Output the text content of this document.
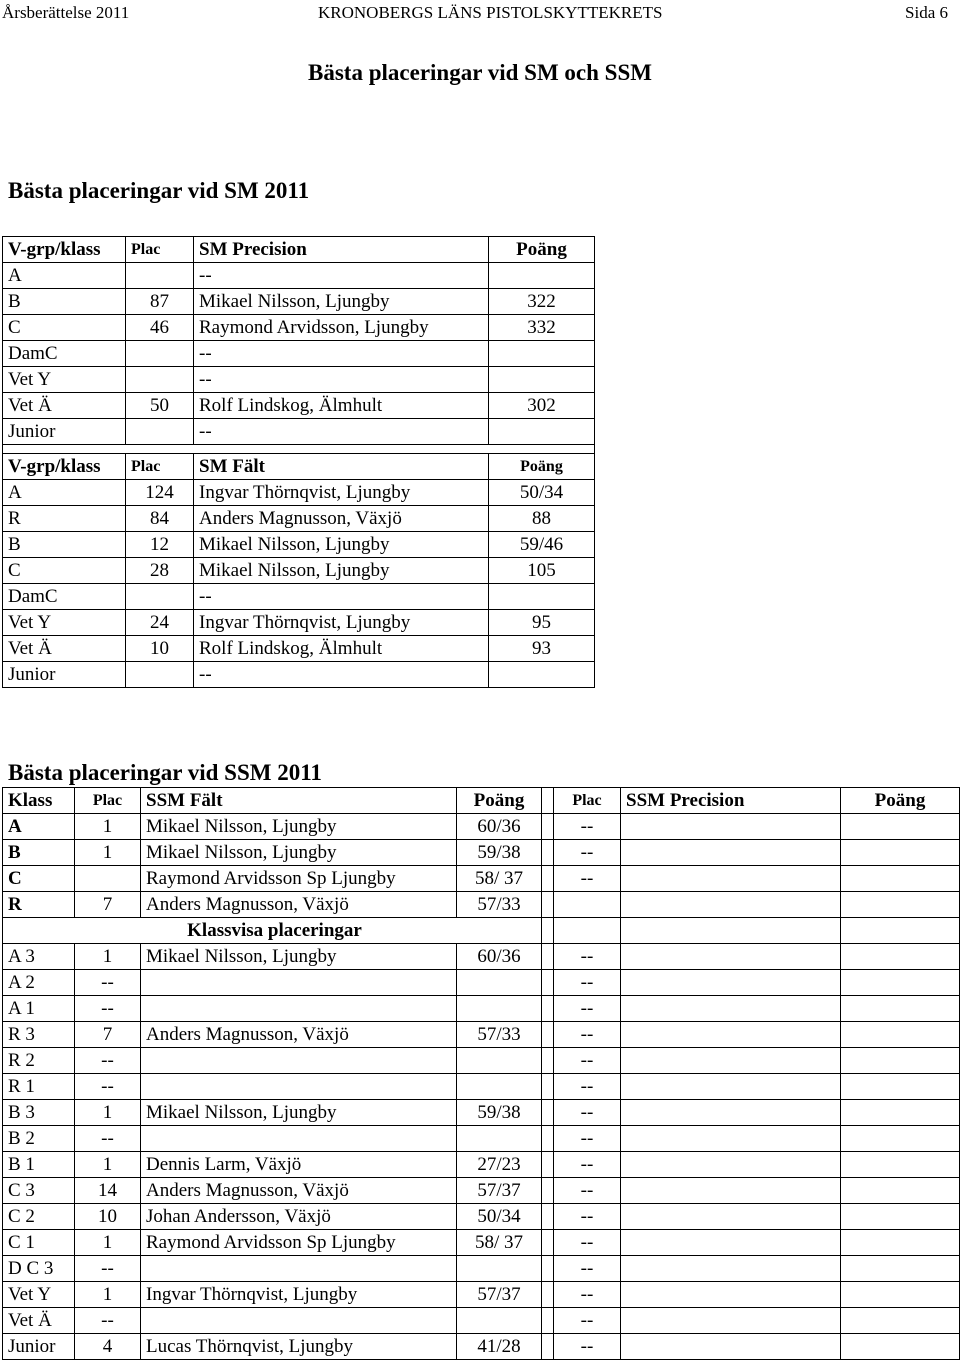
Årsberättelse 2011	KRONOBERGS LÄNS PISTOLSKYTTEKRETS	Sida 6
Bästa placeringar vid SM och SSM
Bästa placeringar vid SM 2011
V-grp/klass	Plac	SM Precision	Poäng
A		--	
B	87	Mikael Nilsson, Ljungby	322
C	46	Raymond Arvidsson, Ljungby	332
DamC		--	
Vet Y		--	
Vet Ä	50	Rolf Lindskog, Älmhult	302
Junior		--	

V-grp/klass	Plac	SM Fält	Poäng
A	124	Ingvar Thörnqvist, Ljungby	50/34
R	84	Anders Magnusson, Växjö	88
B	12	Mikael Nilsson, Ljungby	59/46
C	28	Mikael Nilsson, Ljungby	105
DamC		--	
Vet Y	24	Ingvar Thörnqvist, Ljungby	95
Vet Ä	10	Rolf Lindskog, Älmhult	93
Junior		--	
Bästa placeringar vid SSM 2011
Klass	Plac	SSM Fält	Poäng		Plac	SSM Precision	Poäng
A	1	Mikael Nilsson, Ljungby	60/36		--		
B	1	Mikael Nilsson, Ljungby	59/38		--		
C		Raymond Arvidsson Sp Ljungby	58/ 37		--		
R	7	Anders Magnusson, Växjö	57/33				
Klassvisa placeringar							
A 3	1	Mikael Nilsson, Ljungby	60/36		--		
A 2	--				--		
A 1	--				--		
R 3	7	Anders Magnusson, Växjö	57/33		--		
R 2	--				--		
R 1	--				--		
B 3	1	Mikael Nilsson, Ljungby	59/38		--		
B 2	--				--		
B 1	1	Dennis Larm, Växjö	27/23		--		
C 3	14	Anders Magnusson, Växjö	57/37		--		
C 2	10	Johan Andersson, Växjö	50/34		--		
C 1	1	Raymond Arvidsson Sp Ljungby	58/ 37		--		
D C 3	--				--		
Vet Y	1	Ingvar Thörnqvist, Ljungby	57/37		--		
Vet Ä	--				--		
Junior	4	Lucas Thörnqvist, Ljungby	41/28		--		
